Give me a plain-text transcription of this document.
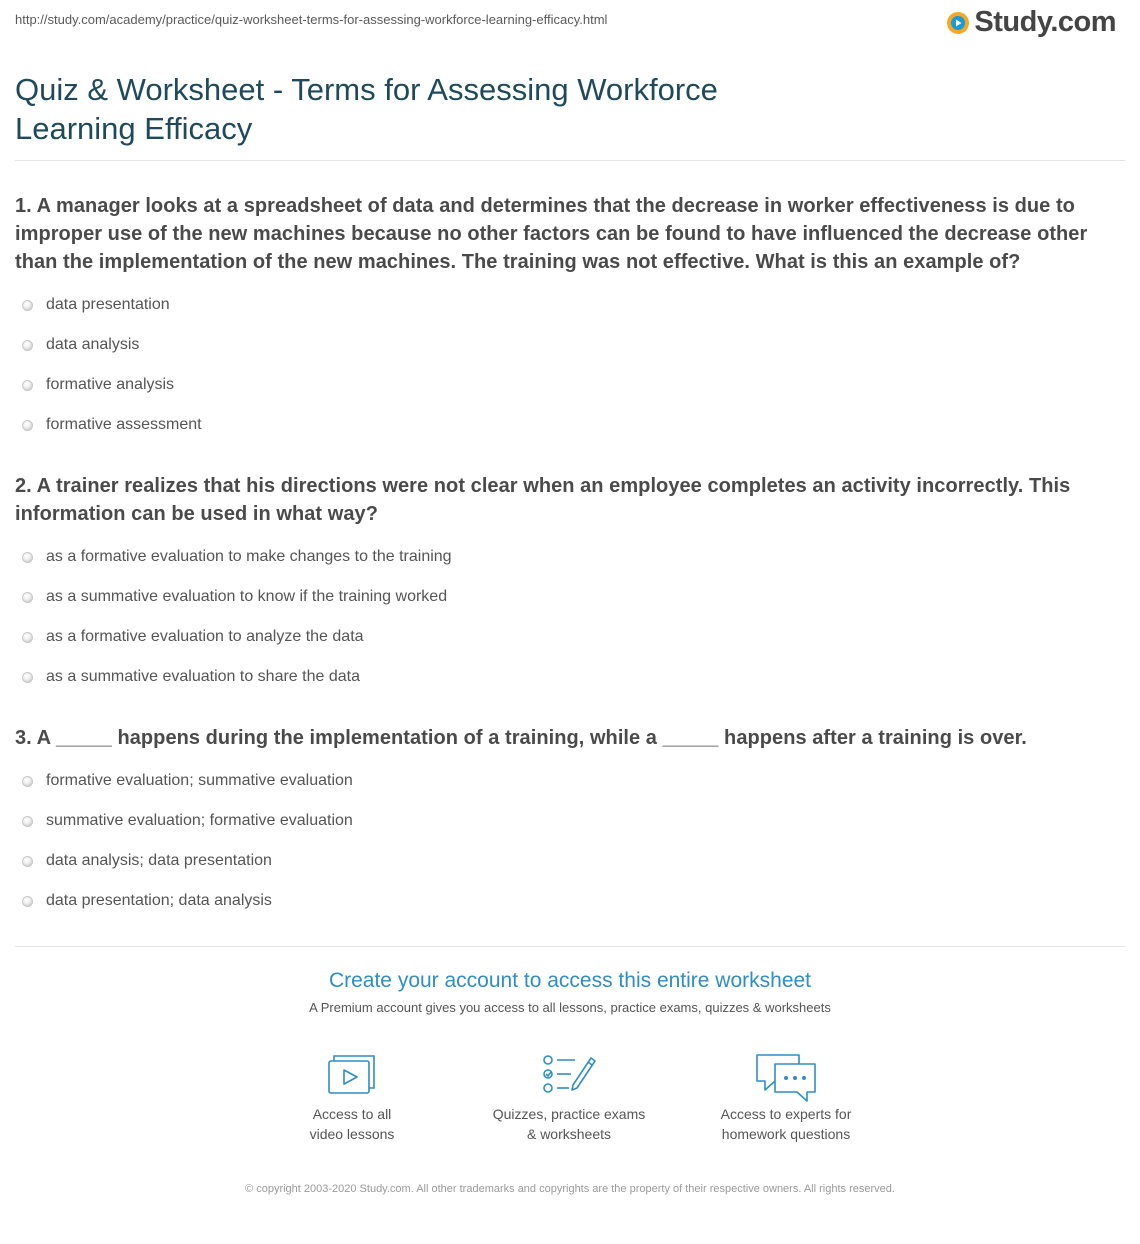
http://study.com/academy/practice/quiz-worksheet-terms-for-assessing-workforce-learning-efficacy.html	Study.com
Quiz & Worksheet - Terms for Assessing Workforce Learning Efficacy

1. A manager looks at a spreadsheet of data and determines that the decrease in worker effectiveness is due to improper use of the new machines because no other factors can be found to have influenced the decrease other than the implementation of the new machines. The training was not effective. What is this an example of?

data presentation
data analysis
formative analysis
formative assessment

2. A trainer realizes that his directions were not clear when an employee completes an activity incorrectly. This information can be used in what way?

as a formative evaluation to make changes to the training
as a summative evaluation to know if the training worked
as a formative evaluation to analyze the data
as a summative evaluation to share the data

3. A _____ happens during the implementation of a training, while a _____ happens after a training is over.

formative evaluation; summative evaluation
summative evaluation; formative evaluation
data analysis; data presentation
data presentation; data analysis
Create your account to access this entire worksheet
A Premium account gives you access to all lessons, practice exams, quizzes & worksheets
Access to all
video lessons
Quizzes, practice exams
& worksheets
Access to experts for
homework questions
© copyright 2003-2020 Study.com. All other trademarks and copyrights are the property of their respective owners. All rights reserved.
